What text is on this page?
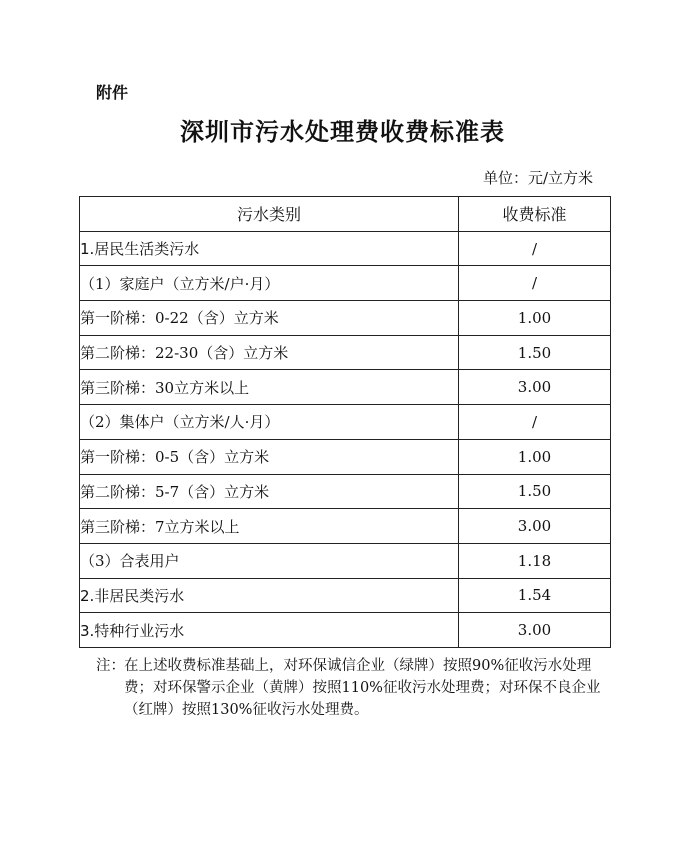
附件
深圳市污水处理费收费标准表
单位：元/立方米
污水类别	收费标准
1.居民生活类污水	/
（1）家庭户（立方米/户·月）	/
第一阶梯：0-22（含）立方米	1.00
第二阶梯：22-30（含）立方米	1.50
第三阶梯：30立方米以上	3.00
（2）集体户（立方米/人·月）	/
第一阶梯：0-5（含）立方米	1.00
第二阶梯：5-7（含）立方米	1.50
第三阶梯：7立方米以上	3.00
（3）合表用户	1.18
2.非居民类污水	1.54
3.特种行业污水	3.00
注： 在上述收费标准基础上，对环保诚信企业（绿牌）按照90%征收污水处理费；对环保警示企业（黄牌）按照110%征收污水处理费；对环保不良企业（红牌）按照130%征收污水处理费。
